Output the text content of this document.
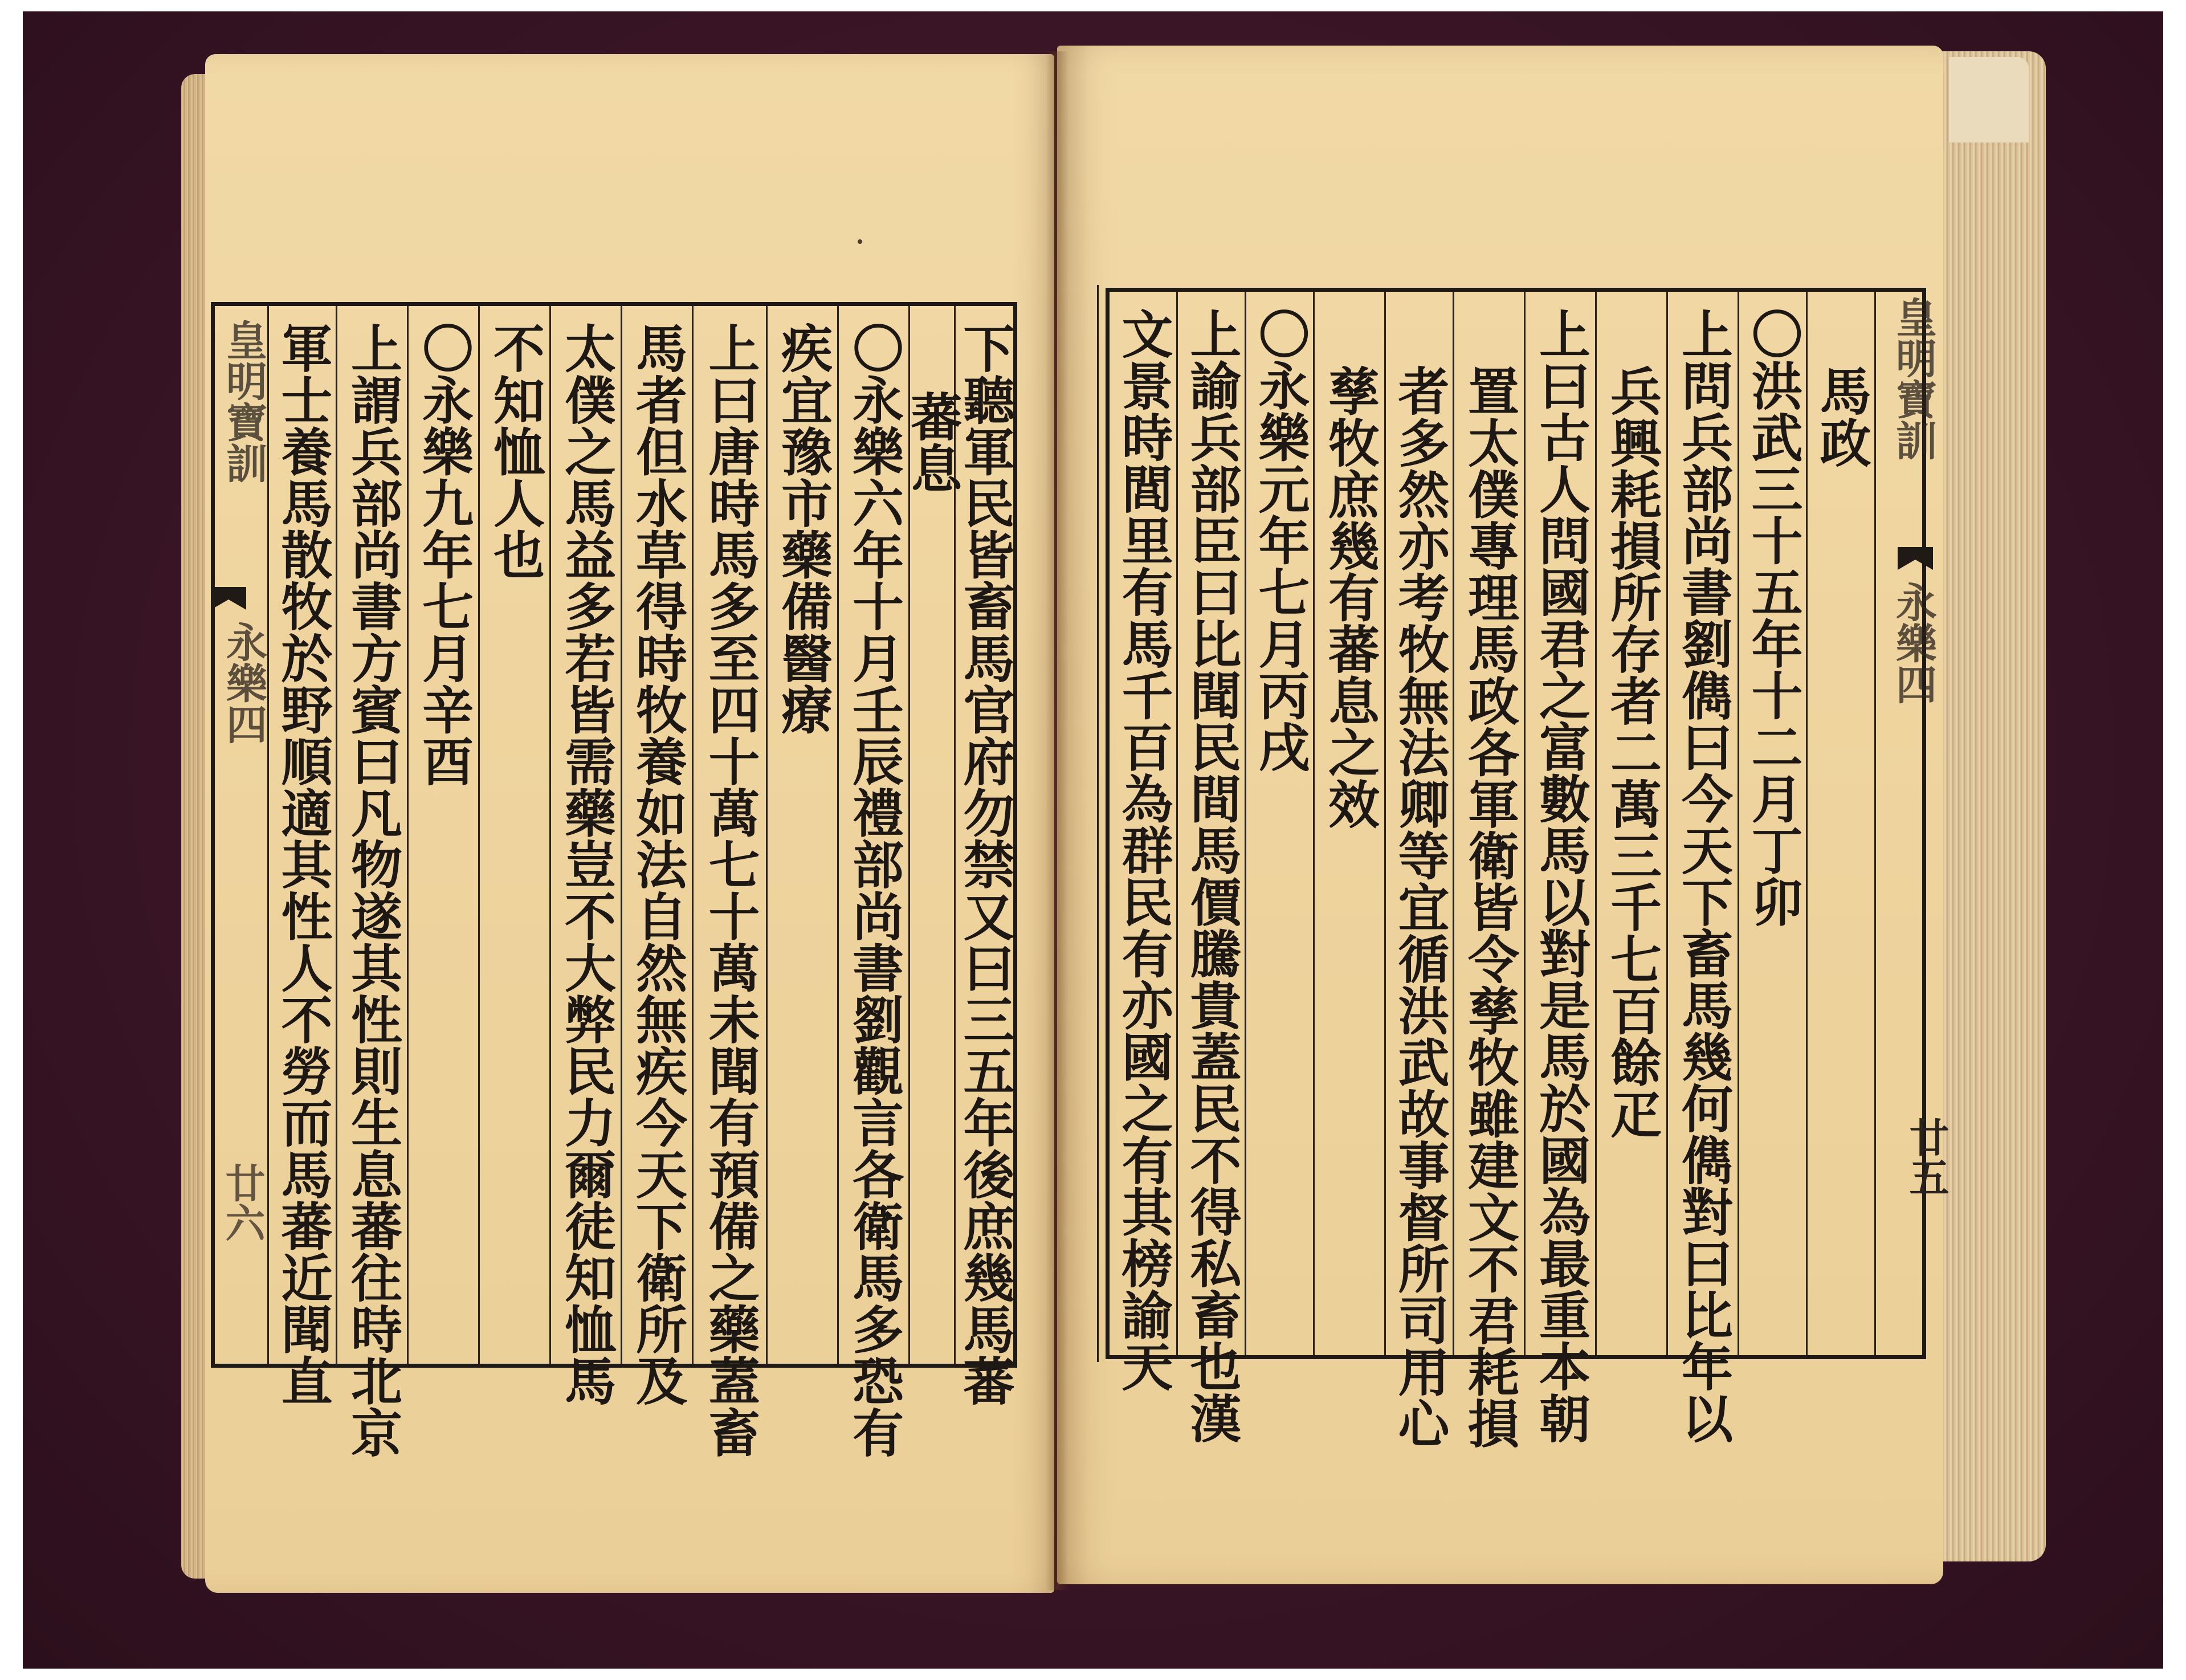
軍士養馬散牧於野順適其性人不勞而馬蕃近聞直 上謂兵部尚書方賓曰凡物遂其性則生息蕃往時北京 〇永樂九年七月辛酉 不知恤人也 太僕之馬益多若皆需藥豈不大弊民力爾徒知恤馬 馬者但水草得時牧養如法自然無疾今天下衛所及 上曰唐時馬多至四十萬七十萬未聞有預備之藥蓋畜 疾宜豫市藥備醫療 〇永樂六年十月壬辰禮部尚書劉觀言各衛馬多恐有
蕃息
下聽軍民皆畜馬官府勿禁又曰三五年後庶幾馬蕃
皇明寶訓
永樂四
廿六	文景時閭里有馬千百為群民有亦國之有其榜諭天 上諭兵部臣曰比聞民間馬價騰貴蓋民不得私畜也漢 〇永樂元年七月丙戌 孳牧庶幾有蕃息之效 者多然亦考牧無法卿等宜循洪武故事督所司用心 置太僕專理馬政各軍衛皆令孳牧雖建文不君耗損 上曰古人問國君之富數馬以對是馬於國為最重本朝 兵興耗損所存者二萬三千七百餘疋 上問兵部尚書劉儁曰今天下畜馬幾何儁對曰比年以 〇洪武三十五年十二月丁卯 馬政 皇明寶訓
永樂四
廿五
